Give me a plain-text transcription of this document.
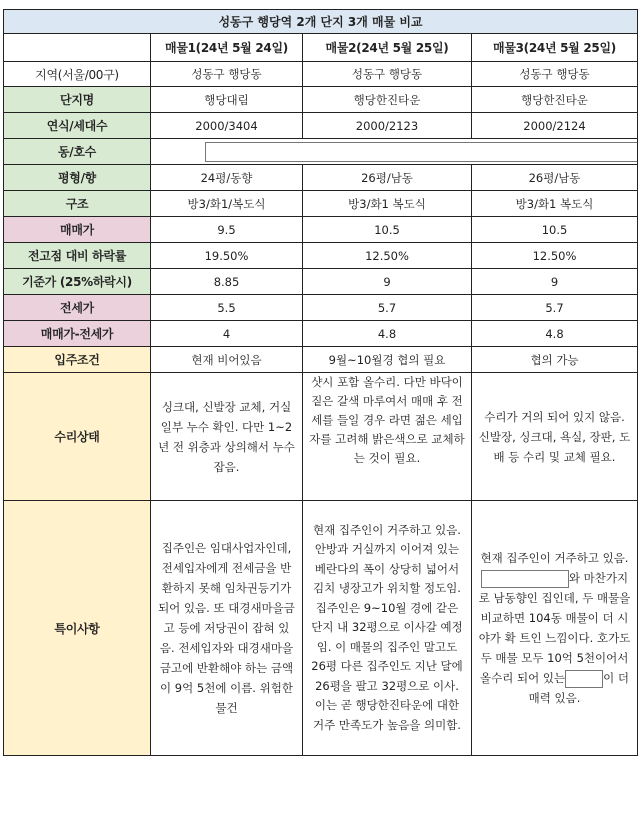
성동구 행당역 2개 단지 3개 매물 비교			
	매물1(24년 5월 24일)	매물2(24년 5월 25일)	매물3(24년 5월 25일)
지역(서울/00구)	성동구 행당동	성동구 행당동	성동구 행당동
단지명	행당대림	행당한진타운	행당한진타운
연식/세대수	2000/3404	2000/2123	2000/2124
동/호수			

평형/향	24평/동향	26평/남동	26평/남동
구조	방3/화1/복도식	방3/화1 복도식	방3/화1 복도식
매매가	9.5	10.5	10.5
전고점 대비 하락률	19.50%	12.50%	12.50%
기준가 (25%하락시)	8.85	9	9
전세가	5.5	5.7	5.7
매매가-전세가	4	4.8	4.8
입주조건	현재 비어있음	9월~10월경 협의 필요	협의 가능
수리상태	싱크대, 신발장 교체, 거실 일부 누수 확인. 다만 1~2년 전 위층과 상의해서 누수 잡음.	샷시 포함 올수리. 다만 바닥이 짙은 갈색 마루여서 매매 후 전세를 들일 경우 라면 젊은 세입자를 고려해 밝은색으로 교체하는 것이 필요.	수리가 거의 되어 있지 않음. 신발장, 싱크대, 욕실, 장판, 도배 등 수리 및 교체 필요.
특이사항	집주인은 임대사업자인데, 전세입자에게 전세금을 반환하지 못해 임차권등기가 되어 있음. 또 대경새마을금고 등에 저당권이 잡혀 있음. 전세입자와 대경새마을금고에 반환해야 하는 금액이 9억 5천에 이름. 위험한 물건	현재 집주인이 거주하고 있음. 안방과 거실까지 이어져 있는 베란다의 폭이 상당히 넓어서 김치 냉장고가 위치할 정도임. 집주인은 9~10월 경에 같은 단지 내 32평으로 이사갈 예정임. 이 매물의 집주인 말고도 26평 다른 집주인도 지난 달에 26평을 팔고 32평으로 이사. 이는 곧 행당한진타운에 대한 거주 만족도가 높음을 의미함.	현재 집주인이 거주하고 있음.와 마찬가지로 남동향인 집인데, 두 매물을 비교하면 104동 매물이 더 시야가 확 트인 느낌이다. 호가도 두 매물 모두 10억 5천이어서 올수리 되어 있는 이 더 매력 있음.
